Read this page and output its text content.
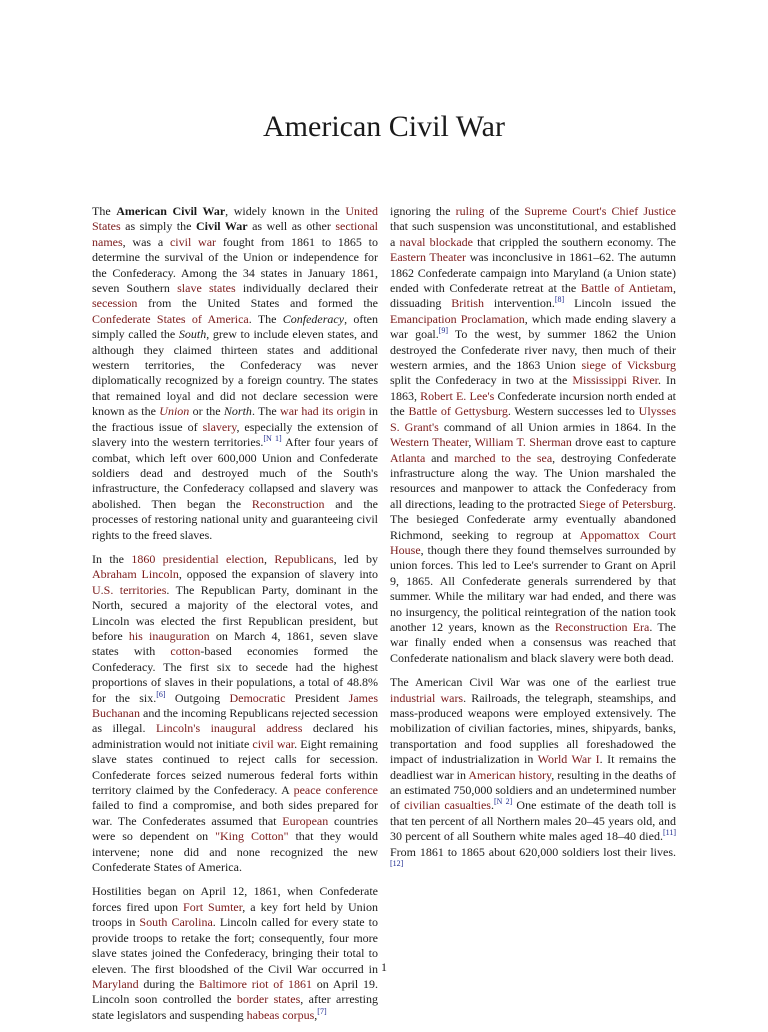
American Civil War

The American Civil War, widely known in the United States as simply the Civil War as well as other sectional names, was a civil war fought from 1861 to 1865 to determine the survival of the Union or independence for the Confederacy. Among the 34 states in January 1861, seven Southern slave states individually declared their secession from the United States and formed the Confederate States of America. The Confederacy, often simply called the South, grew to include eleven states, and although they claimed thirteen states and additional western territories, the Confederacy was never diplomatically recognized by a foreign country. The states that remained loyal and did not declare secession were known as the Union or the North. The war had its origin in the fractious issue of slavery, especially the extension of slavery into the western territories.[N 1] After four years of combat, which left over 600,000 Union and Confederate soldiers dead and destroyed much of the South's infrastructure, the Confederacy collapsed and slavery was abolished. Then began the Reconstruction and the processes of restoring national unity and guaranteeing civil rights to the freed slaves.

In the 1860 presidential election, Republicans, led by Abraham Lincoln, opposed the expansion of slavery into U.S. territories. The Republican Party, dominant in the North, secured a majority of the electoral votes, and Lincoln was elected the first Republican president, but before his inauguration on March 4, 1861, seven slave states with cotton-based economies formed the Confederacy. The first six to secede had the highest proportions of slaves in their populations, a total of 48.8% for the six.[6] Outgoing Democratic President James Buchanan and the incoming Republicans rejected secession as illegal. Lincoln's inaugural address declared his administration would not initiate civil war. Eight remaining slave states continued to reject calls for secession. Confederate forces seized numerous federal forts within territory claimed by the Confederacy. A peace conference failed to find a compromise, and both sides prepared for war. The Confederates assumed that European countries were so dependent on "King Cotton" that they would intervene; none did and none recognized the new Confederate States of America.

Hostilities began on April 12, 1861, when Confederate forces fired upon Fort Sumter, a key fort held by Union troops in South Carolina. Lincoln called for every state to provide troops to retake the fort; consequently, four more slave states joined the Confederacy, bringing their total to eleven. The first bloodshed of the Civil War occurred in Maryland during the Baltimore riot of 1861 on April 19. Lincoln soon controlled the border states, after arresting state legislators and suspending habeas corpus,[7]

ignoring the ruling of the Supreme Court's Chief Justice that such suspension was unconstitutional, and established a naval blockade that crippled the southern economy. The Eastern Theater was inconclusive in 1861–62. The autumn 1862 Confederate campaign into Maryland (a Union state) ended with Confederate retreat at the Battle of Antietam, dissuading British intervention.[8] Lincoln issued the Emancipation Proclamation, which made ending slavery a war goal.[9] To the west, by summer 1862 the Union destroyed the Confederate river navy, then much of their western armies, and the 1863 Union siege of Vicksburg split the Confederacy in two at the Mississippi River. In 1863, Robert E. Lee's Confederate incursion north ended at the Battle of Gettysburg. Western successes led to Ulysses S. Grant's command of all Union armies in 1864. In the Western Theater, William T. Sherman drove east to capture Atlanta and marched to the sea, destroying Confederate infrastructure along the way. The Union marshaled the resources and manpower to attack the Confederacy from all directions, leading to the protracted Siege of Petersburg. The besieged Confederate army eventually abandoned Richmond, seeking to regroup at Appomattox Court House, though there they found themselves surrounded by union forces. This led to Lee's surrender to Grant on April 9, 1865. All Confederate generals surrendered by that summer. While the military war had ended, and there was no insurgency, the political reintegration of the nation took another 12 years, known as the Reconstruction Era. The war finally ended when a consensus was reached that Confederate nationalism and black slavery were both dead.

The American Civil War was one of the earliest true industrial wars. Railroads, the telegraph, steamships, and mass-produced weapons were employed extensively. The mobilization of civilian factories, mines, shipyards, banks, transportation and food supplies all foreshadowed the impact of industrialization in World War I. It remains the deadliest war in American history, resulting in the deaths of an estimated 750,000 soldiers and an undetermined number of civilian casualties.[N 2] One estimate of the death toll is that ten percent of all Northern males 20–45 years old, and 30 percent of all Southern white males aged 18–40 died.[11] From 1861 to 1865 about 620,000 soldiers lost their lives.[12]

1
